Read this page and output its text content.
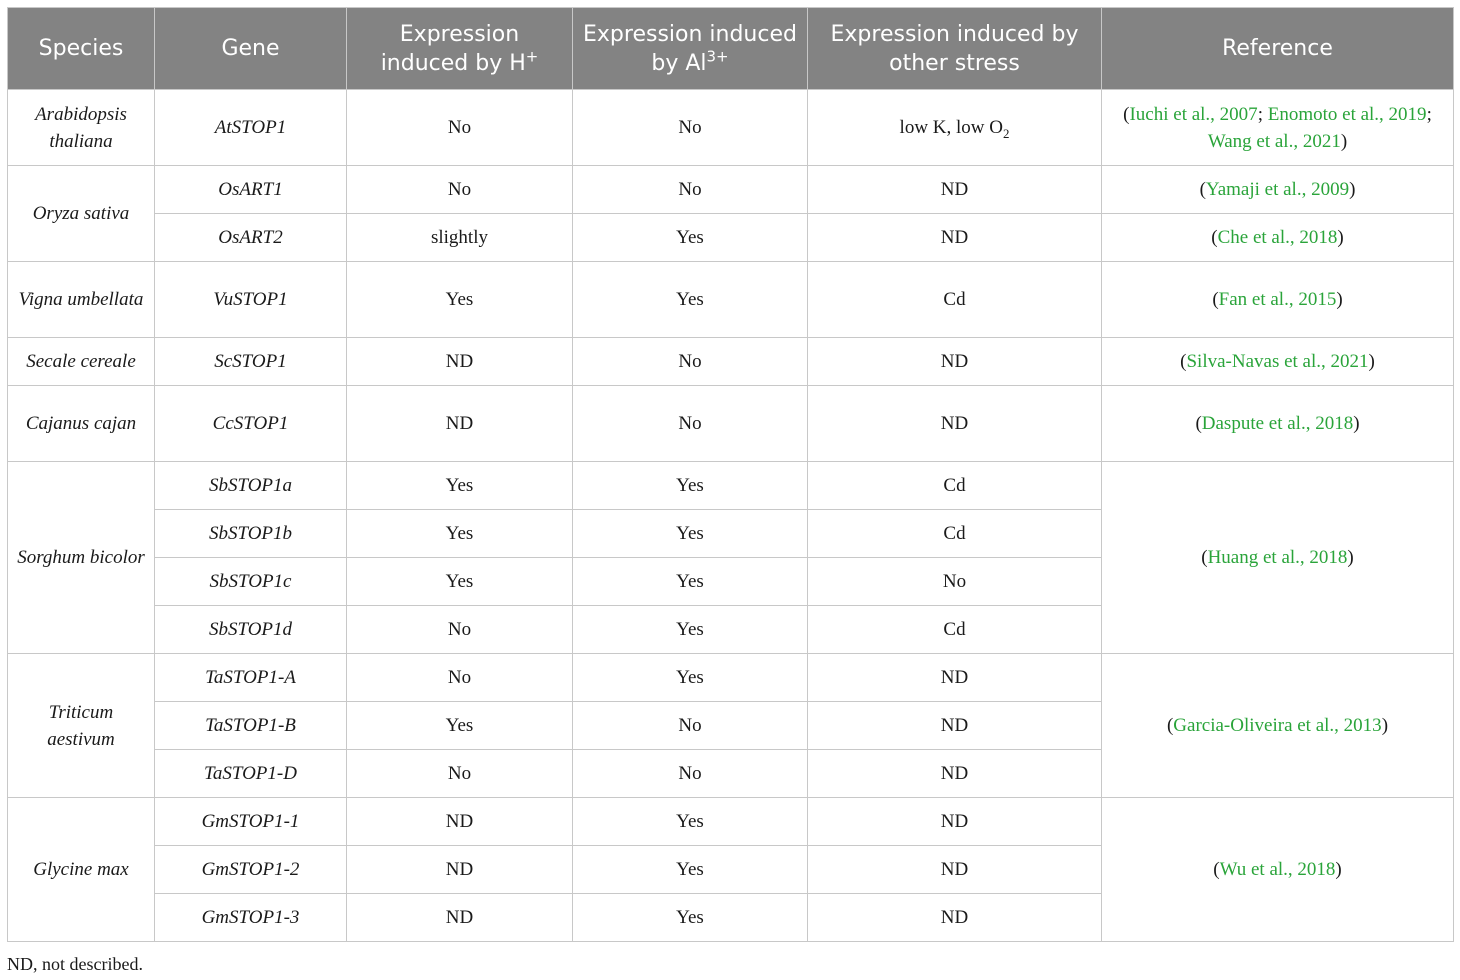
Species	Gene	Expression induced by H+	Expression induced by $Al^{3+}$	Expression induced by other stress	Reference
Arabidopsis thaliana	AtSTOP1	No	No	low K, low $O_2$	(Iuchi et al., 2007; Enomoto et al., 2019; Wang et al., 2021)
Oryza sativa	OsART1	No	No	ND	(Yamaji et al., 2009)
	OsART2	slightly	Yes	ND	(Che et al., 2018)
Vigna umbellata	VuSTOP1	Yes	Yes	Cd	(Fan et al., 2015)
Secale cereale	ScSTOP1	ND	No	ND	(Silva-Navas et al., 2021)
Cajanus cajan	CcSTOP1	ND	No	ND	(Daspute et al., 2018)
Sorghum bicolor	SbSTOP1a	Yes	Yes	Cd	(Huang et al., 2018)
	SbSTOP1b	Yes	Yes	Cd	
	SbSTOP1c	Yes	Yes	No	
	SbSTOP1d	No	Yes	Cd	
Triticum aestivum	TaSTOP1-A	No	Yes	ND	(Garcia-Oliveira et al., 2013)
	TaSTOP1-B	Yes	No	ND	
	TaSTOP1-D	No	No	ND	
Glycine max	GmSTOP1-1	ND	Yes	ND	(Wu et al., 2018)
	GmSTOP1-2	ND	Yes	ND	
	GmSTOP1-3	ND	Yes	ND	
ND, not described.
